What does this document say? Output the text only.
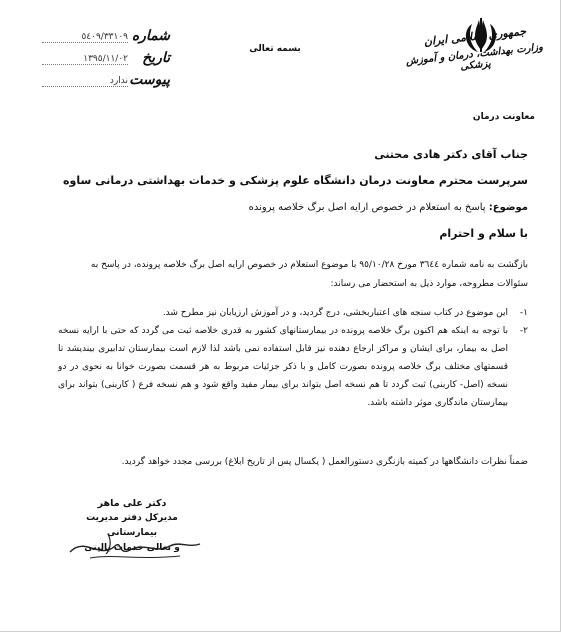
جمهوری اسلامی ایران
وزارت بهداشت، درمان و آموزش پزشکی
معاونت درمان
بسمه تعالی
شماره
٥٤٠٩/٣٣١٠٩
تاریخ
١٣٩٥/١١/٠٢
پیوست
ندارد
جناب آقای دکتر هادی محتنی
سرپرست محترم معاونت درمان دانشگاه علوم پزشکی و خدمات بهداشتی درمانی ساوه
موضوع: پاسخ به استعلام در خصوص ارایه اصل برگ خلاصه پرونده
با سلام و احترام
بازگشت به نامه شماره ٣٦٤٤ مورخ ٩٥/١٠/٢٨ با موضوع استعلام در خصوص ارایه اصل برگ خلاصه پرونده، در پاسخ به سئوالات مطروحه، موارد ذیل به استحضار می رساند:
١-
این موضوع در کتاب سنجه های اعتباربخشی، درج گردید، و در آموزش ارزیابان نیز مطرح شد.
٢-
با توجه به اینکه هم اکنون برگ خلاصه پرونده در بیمارستانهای کشور به قدری خلاصه ثبت می گردد که حتی با ارایه نسخه اصل به بیمار، برای ایشان و مراکز ارجاع دهنده نیز قابل استفاده نمی باشد لذا لازم است بیمارستان تدابیری بیندیشد تا قسمتهای مختلف برگ خلاصه پرونده بصورت کامل و با ذکر جزئیات مربوط به هر قسمت بصورت خوانا به نحوی در دو نسخه (اصل- کاربنی) ثبت گردد تا هم نسخه اصل بتواند برای بیمار مفید واقع شود و هم نسخه فرع ( کاربنی) بتواند برای بیمارستان ماندگاری موثر داشته باشد.
ضمناً نظرات دانشگاهها در کمیته بازنگری دستورالعمل ( یکسال پس از تاریخ ابلاغ) بررسی مجدد خواهد گردید.
دکتر علی ماهر
مدیرکل دفتر مدیریت بیمارستانی
و تعالی خدمات بالینی
